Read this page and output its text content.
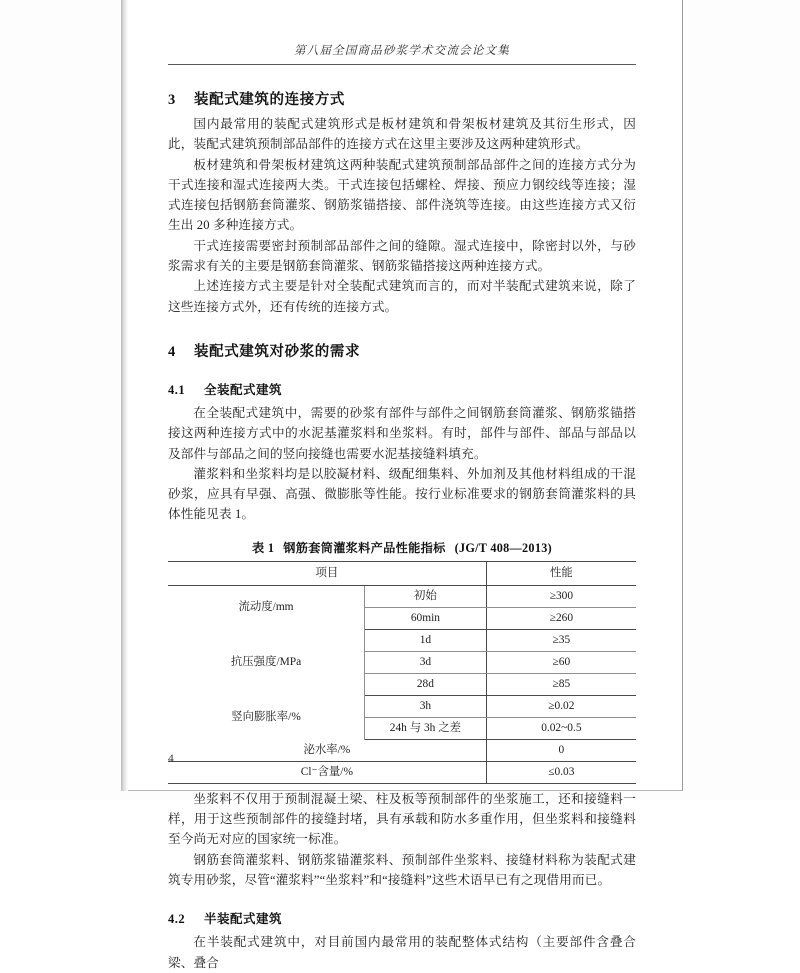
第八届全国商品砂浆学术交流会论文集
3 装配式建筑的连接方式

国内最常用的装配式建筑形式是板材建筑和骨架板材建筑及其衍生形式，因此，装配式建筑预制部品部件的连接方式在这里主要涉及这两种建筑形式。

板材建筑和骨架板材建筑这两种装配式建筑预制部品部件之间的连接方式分为干式连接和湿式连接两大类。干式连接包括螺栓、焊接、预应力钢绞线等连接；湿式连接包括钢筋套筒灌浆、钢筋浆锚搭接、部件浇筑等连接。由这些连接方式又衍生出 20 多种连接方式。

干式连接需要密封预制部品部件之间的缝隙。湿式连接中，除密封以外，与砂浆需求有关的主要是钢筋套筒灌浆、钢筋浆锚搭接这两种连接方式。

上述连接方式主要是针对全装配式建筑而言的，而对半装配式建筑来说，除了这些连接方式外，还有传统的连接方式。

4 装配式建筑对砂浆的需求
4.1 全装配式建筑

在全装配式建筑中，需要的砂浆有部件与部件之间钢筋套筒灌浆、钢筋浆锚搭接这两种连接方式中的水泥基灌浆料和坐浆料。有时，部件与部件、部品与部品以及部件与部品之间的竖向接缝也需要水泥基接缝料填充。

灌浆料和坐浆料均是以胶凝材料、级配细集料、外加剂及其他材料组成的干混砂浆，应具有早强、高强、微膨胀等性能。按行业标准要求的钢筋套筒灌浆料的具体性能见表 1。

表 1 钢筋套筒灌浆料产品性能指标 (JG/T 408—2013)
项目		性能
流动度/mm	初始	≥300
	60min	≥260
抗压强度/MPa	1d	≥35
	3d	≥60
	28d	≥85
竖向膨胀率/%	3h	≥0.02
	24h 与 3h 之差	0.02~0.5
泌水率/%		0
Cl⁻含量/%		≤0.03

坐浆料不仅用于预制混凝土梁、柱及板等预制部件的坐浆施工，还和接缝料一样，用于这些预制部件的接缝封堵，具有承载和防水多重作用，但坐浆料和接缝料至今尚无对应的国家统一标准。

钢筋套筒灌浆料、钢筋浆锚灌浆料、预制部件坐浆料、接缝材料称为装配式建筑专用砂浆，尽管“灌浆料”“坐浆料”和“接缝料”这些术语早已有之现借用而已。

4.2 半装配式建筑

在半装配式建筑中，对目前国内最常用的装配整体式结构（主要部件含叠合梁、叠合

4
